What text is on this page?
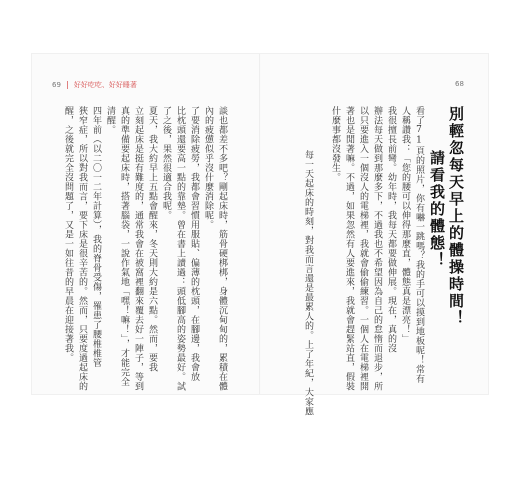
69 好好吃吃、好好睡著	68
醒，之後就完全沒問題了，又是一如往昔的早晨在迎接著我。 狹窄症，所以對我而言，要下床是很辛苦的。然而，只要度過起床的 四年前（以二〇一二年計算），我的脊骨受傷，罹患了腰椎椎管 清醒。 真的準備要起床時，搭著腦袋，一說作氣地「嘿！嘛！」，才能完全 立刻起床是挺有難度的，通常我會在被窩裡翻來覆去好一陣子，等到 夏天，我大約早上五點會醒來，冬天則大約是六點。然而，要我 了之後，果然很適合我呢。 比枕頭還要高一點的靠墊。曾在書上讀過：頭低腳高的姿勢最好。試 了要消除疲勞，我都會習慣用服貼、偏薄的枕頭，在腳邊，我會放 內的疲憊似乎沒什麼消除呢。 談也都差不多吧？剛起床時，筋骨硬梆梆，身體沉甸甸的，累積在體	每一天起床的時刻，對我而言還是最累人的。上了年紀，大家應
什麼事都沒發生。 著也是閒著嘛。不過，如果忽然有人要進來，我就會趕緊站直，假裝 以只要進入一個沒人的電梯裡，我就會偷偷練習。一個人在電梯裡開 辦法每天做到那麼多下，不過我也不希望因為自己的怠惰而退步，所 我很擅長前彎。幼年時，我每天都要做伸展。現在，真的沒 人稱讚我：「您的腰可以伸得那麼直，體態真是漂亮！」 看了71頁的照片，你有嚇一跳嗎？我的手可以摸到地板呢！常有 請看我的體態！ 別輕忽每天早上的體操時間！
